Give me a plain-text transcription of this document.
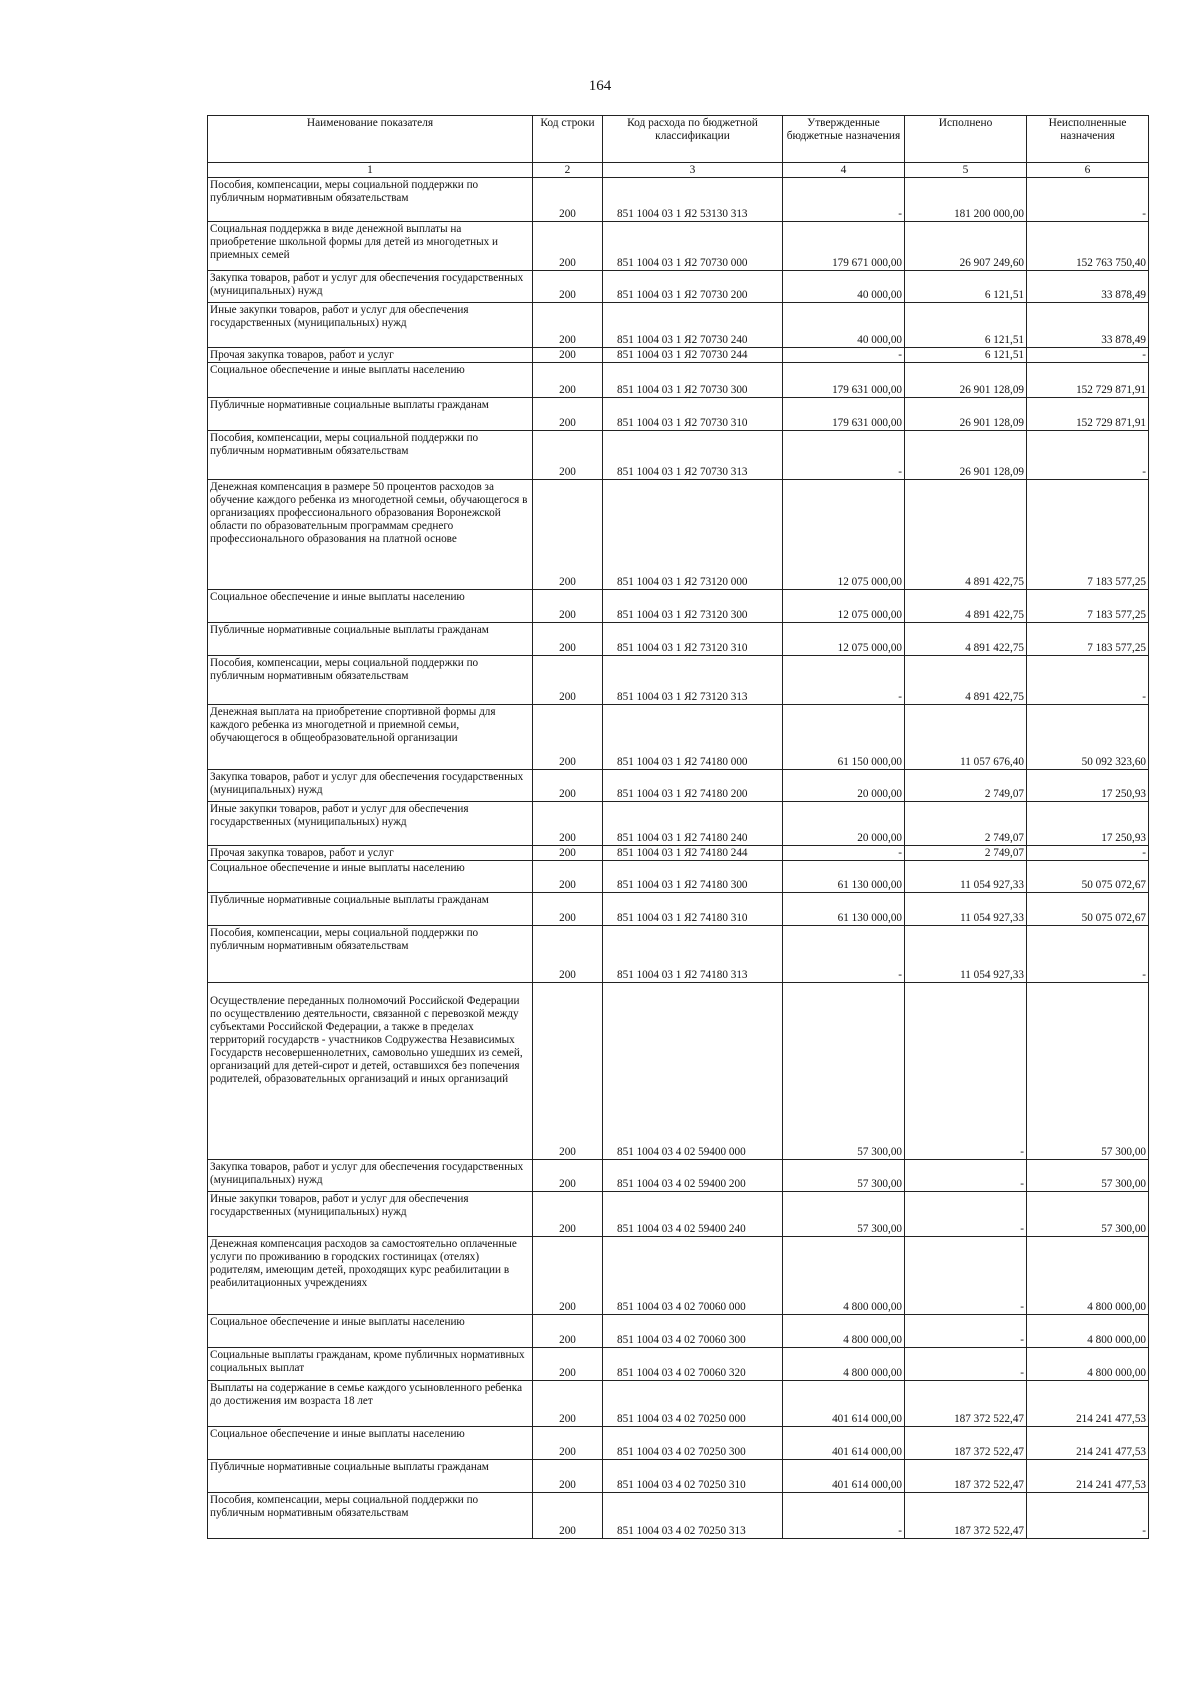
164
Наименование показателя	Код строки	Код расхода по бюджетной классификации	Утвержденные бюджетные назначения	Исполнено	Неисполненные назначения
1	2	3	4	5	6
Пособия, компенсации, меры социальной поддержки по публичным нормативным обязательствам	200	851 1004 03 1 Я2 53130 313	-	181 200 000,00	-
Социальная поддержка в виде денежной выплаты на приобретение школьной формы для детей из многодетных и приемных семей	200	851 1004 03 1 Я2 70730 000	179 671 000,00	26 907 249,60	152 763 750,40
Закупка товаров, работ и услуг для обеспечения государственных (муниципальных) нужд	200	851 1004 03 1 Я2 70730 200	40 000,00	6 121,51	33 878,49
Иные закупки товаров, работ и услуг для обеспечения государственных (муниципальных) нужд	200	851 1004 03 1 Я2 70730 240	40 000,00	6 121,51	33 878,49
Прочая закупка товаров, работ и услуг	200	851 1004 03 1 Я2 70730 244	-	6 121,51	-
Социальное обеспечение и иные выплаты населению	200	851 1004 03 1 Я2 70730 300	179 631 000,00	26 901 128,09	152 729 871,91
Публичные нормативные социальные выплаты гражданам	200	851 1004 03 1 Я2 70730 310	179 631 000,00	26 901 128,09	152 729 871,91
Пособия, компенсации, меры социальной поддержки по публичным нормативным обязательствам	200	851 1004 03 1 Я2 70730 313	-	26 901 128,09	-
Денежная компенсация в размере 50 процентов расходов за обучение каждого ребенка из многодетной семьи, обучающегося в организациях профессионального образования Воронежской области по образовательным программам среднего профессионального образования на платной основе	200	851 1004 03 1 Я2 73120 000	12 075 000,00	4 891 422,75	7 183 577,25
Социальное обеспечение и иные выплаты населению	200	851 1004 03 1 Я2 73120 300	12 075 000,00	4 891 422,75	7 183 577,25
Публичные нормативные социальные выплаты гражданам	200	851 1004 03 1 Я2 73120 310	12 075 000,00	4 891 422,75	7 183 577,25
Пособия, компенсации, меры социальной поддержки по публичным нормативным обязательствам	200	851 1004 03 1 Я2 73120 313	-	4 891 422,75	-
Денежная выплата на приобретение спортивной формы для каждого ребенка из многодетной и приемной семьи, обучающегося в общеобразовательной организации	200	851 1004 03 1 Я2 74180 000	61 150 000,00	11 057 676,40	50 092 323,60
Закупка товаров, работ и услуг для обеспечения государственных (муниципальных) нужд	200	851 1004 03 1 Я2 74180 200	20 000,00	2 749,07	17 250,93
Иные закупки товаров, работ и услуг для обеспечения государственных (муниципальных) нужд	200	851 1004 03 1 Я2 74180 240	20 000,00	2 749,07	17 250,93
Прочая закупка товаров, работ и услуг	200	851 1004 03 1 Я2 74180 244	-	2 749,07	-
Социальное обеспечение и иные выплаты населению	200	851 1004 03 1 Я2 74180 300	61 130 000,00	11 054 927,33	50 075 072,67
Публичные нормативные социальные выплаты гражданам	200	851 1004 03 1 Я2 74180 310	61 130 000,00	11 054 927,33	50 075 072,67
Пособия, компенсации, меры социальной поддержки по публичным нормативным обязательствам	200	851 1004 03 1 Я2 74180 313	-	11 054 927,33	-
Осуществление переданных полномочий Российской Федерации по осуществлению деятельности, связанной с перевозкой между субъектами Российской Федерации, а также в пределах территорий государств - участников Содружества Независимых Государств несовершеннолетних, самовольно ушедших из семей, организаций для детей-сирот и детей, оставшихся без попечения родителей, образовательных организаций и иных организаций	200	851 1004 03 4 02 59400 000	57 300,00	-	57 300,00
Закупка товаров, работ и услуг для обеспечения государственных (муниципальных) нужд	200	851 1004 03 4 02 59400 200	57 300,00	-	57 300,00
Иные закупки товаров, работ и услуг для обеспечения государственных (муниципальных) нужд	200	851 1004 03 4 02 59400 240	57 300,00	-	57 300,00
Денежная компенсация расходов за самостоятельно оплаченные услуги по проживанию в городских гостиницах (отелях) родителям, имеющим детей, проходящих курс реабилитации в реабилитационных учреждениях	200	851 1004 03 4 02 70060 000	4 800 000,00	-	4 800 000,00
Социальное обеспечение и иные выплаты населению	200	851 1004 03 4 02 70060 300	4 800 000,00	-	4 800 000,00
Социальные выплаты гражданам, кроме публичных нормативных социальных выплат	200	851 1004 03 4 02 70060 320	4 800 000,00	-	4 800 000,00
Выплаты на содержание в семье каждого усыновленного ребенка до достижения им возраста 18 лет	200	851 1004 03 4 02 70250 000	401 614 000,00	187 372 522,47	214 241 477,53
Социальное обеспечение и иные выплаты населению	200	851 1004 03 4 02 70250 300	401 614 000,00	187 372 522,47	214 241 477,53
Публичные нормативные социальные выплаты гражданам	200	851 1004 03 4 02 70250 310	401 614 000,00	187 372 522,47	214 241 477,53
Пособия, компенсации, меры социальной поддержки по публичным нормативным обязательствам	200	851 1004 03 4 02 70250 313	-	187 372 522,47	-
